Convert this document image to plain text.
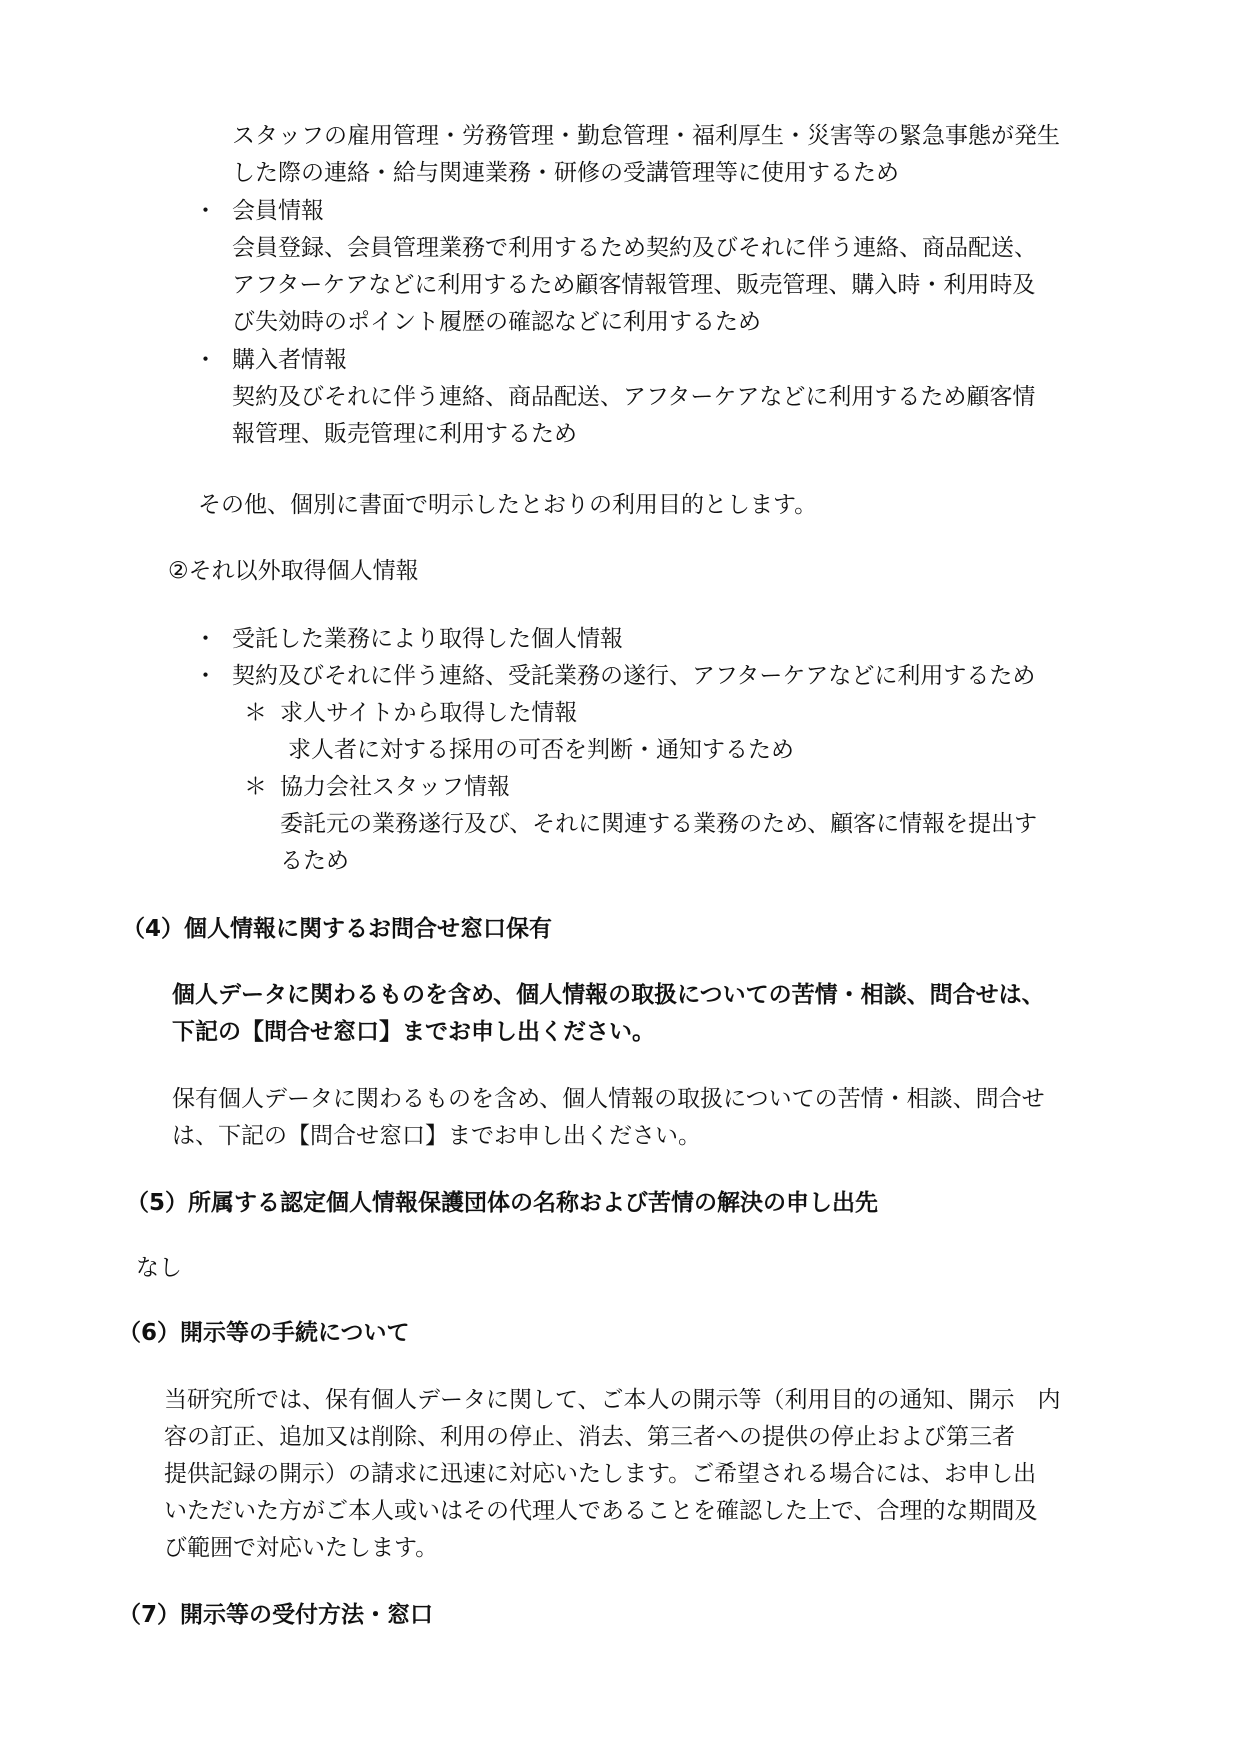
スタッフの雇用管理・労務管理・勤怠管理・福利厚生・災害等の緊急事態が発生

した際の連絡・給与関連業務・研修の受講管理等に使用するため

・ 会員情報

会員登録、会員管理業務で利用するため契約及びそれに伴う連絡、商品配送、

アフターケアなどに利用するため顧客情報管理、販売管理、購入時・利用時及

び失効時のポイント履歴の確認などに利用するため

・ 購入者情報

契約及びそれに伴う連絡、商品配送、アフターケアなどに利用するため顧客情

報管理、販売管理に利用するため

その他、個別に書面で明示したとおりの利用目的とします。

②それ以外取得個人情報

・ 受託した業務により取得した個人情報

・ 契約及びそれに伴う連絡、受託業務の遂行、アフターケアなどに利用するため

＊ 求人サイトから取得した情報

求人者に対する採用の可否を判断・通知するため

＊ 協力会社スタッフ情報

委託元の業務遂行及び、それに関連する業務のため、顧客に情報を提出す

るため

（4）個人情報に関するお問合せ窓口保有

個人データに関わるものを含め、個人情報の取扱についての苦情・相談、問合せは、

下記の【問合せ窓口】までお申し出ください。

保有個人データに関わるものを含め、個人情報の取扱についての苦情・相談、問合せ

は、下記の【問合せ窓口】までお申し出ください。

（5）所属する認定個人情報保護団体の名称および苦情の解決の申し出先

なし

（6）開示等の手続について

当研究所では、保有個人データに関して、ご本人の開示等（利用目的の通知、開示　内

容の訂正、追加又は削除、利用の停止、消去、第三者への提供の停止および第三者

提供記録の開示）の請求に迅速に対応いたします。ご希望される場合には、お申し出

いただいた方がご本人或いはその代理人であることを確認した上で、合理的な期間及

び範囲で対応いたします。

（7）開示等の受付方法・窓口
